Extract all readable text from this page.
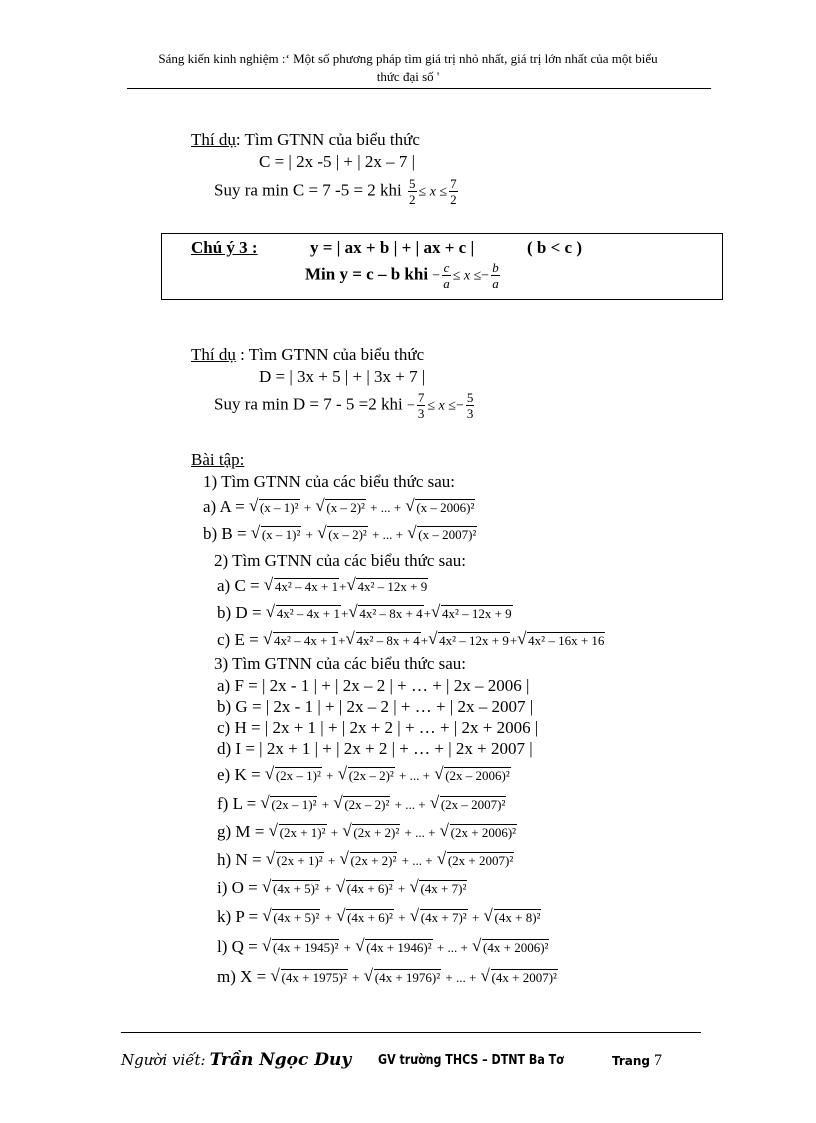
Sáng kiến kinh nghiệm :‘ Một số phương pháp tìm giá trị nhỏ nhất, giá trị lớn nhất của một biểu
thức đại số '
Thí dụ: Tìm GTNN của biểu thức
C = | 2x -5 | + | 2x – 7 |
Suy ra min C = 7 -5 = 2 khi $\frac{5}{2} \le x \le \frac{7}{2}$
Chú ý 3 :	y = | ax + b | + | ax + c |	( b < c )
Min y = c – b khi − $\frac{c}{a} \le x \le- \frac{b}{a}$
Thí dụ : Tìm GTNN của biểu thức
D = | 3x + 5 | + | 3x + 7 |
Suy ra min D = 7 - 5 =2 khi − $\frac{7}{3} \le x \le- \frac{5}{3}$
Bài tập:
1) Tìm GTNN của các biểu thức sau:
a) A = √ (x – 1)² + √ (x – 2)² + ... + √ (x – 2006)²
b) B = √ (x – 1)² + √ (x – 2)² + ... + √ (x – 2007)²
2) Tìm GTNN của các biểu thức sau:
a) C = √ 4x² – 4x + 1+ √ 4x² – 12x + 9
b) D = √ 4x² – 4x + 1+ √ 4x² – 8x + 4+ √ 4x² – 12x + 9
c) E = √ 4x² – 4x + 1+ √ 4x² – 8x + 4+ √ 4x² – 12x + 9+ √ 4x² – 16x + 16
3) Tìm GTNN của các biểu thức sau:
a) F = | 2x - 1 | + | 2x – 2 | + … + | 2x – 2006 |
b) G = | 2x - 1 | + | 2x – 2 | + … + | 2x – 2007 |
c) H = | 2x + 1 | + | 2x + 2 | + … + | 2x + 2006 |
d) I = | 2x + 1 | + | 2x + 2 | + … + | 2x + 2007 |
e) K = √ (2x – 1)² + √ (2x – 2)² + ... + √ (2x – 2006)²
f) L = √ (2x – 1)² + √ (2x – 2)² + ... + √ (2x – 2007)²
g) M = √ (2x + 1)² + √ (2x + 2)² + ... + √ (2x + 2006)²
h) N = √ (2x + 1)² + √ (2x + 2)² + ... + √ (2x + 2007)²
i) O = √ (4x + 5)² + √ (4x + 6)² + √ (4x + 7)²
k) P = √ (4x + 5)² + √ (4x + 6)² + √ (4x + 7)² + √ (4x + 8)²
l) Q = √ (4x + 1945)² + √ (4x + 1946)² + ... + √ (4x + 2006)²
m) X = √ (4x + 1975)² + √ (4x + 1976)² + ... + √ (4x + 2007)²
Người viết: Trần Ngọc Duy GV trường THCS – DTNT Ba Tơ	Trang 7
